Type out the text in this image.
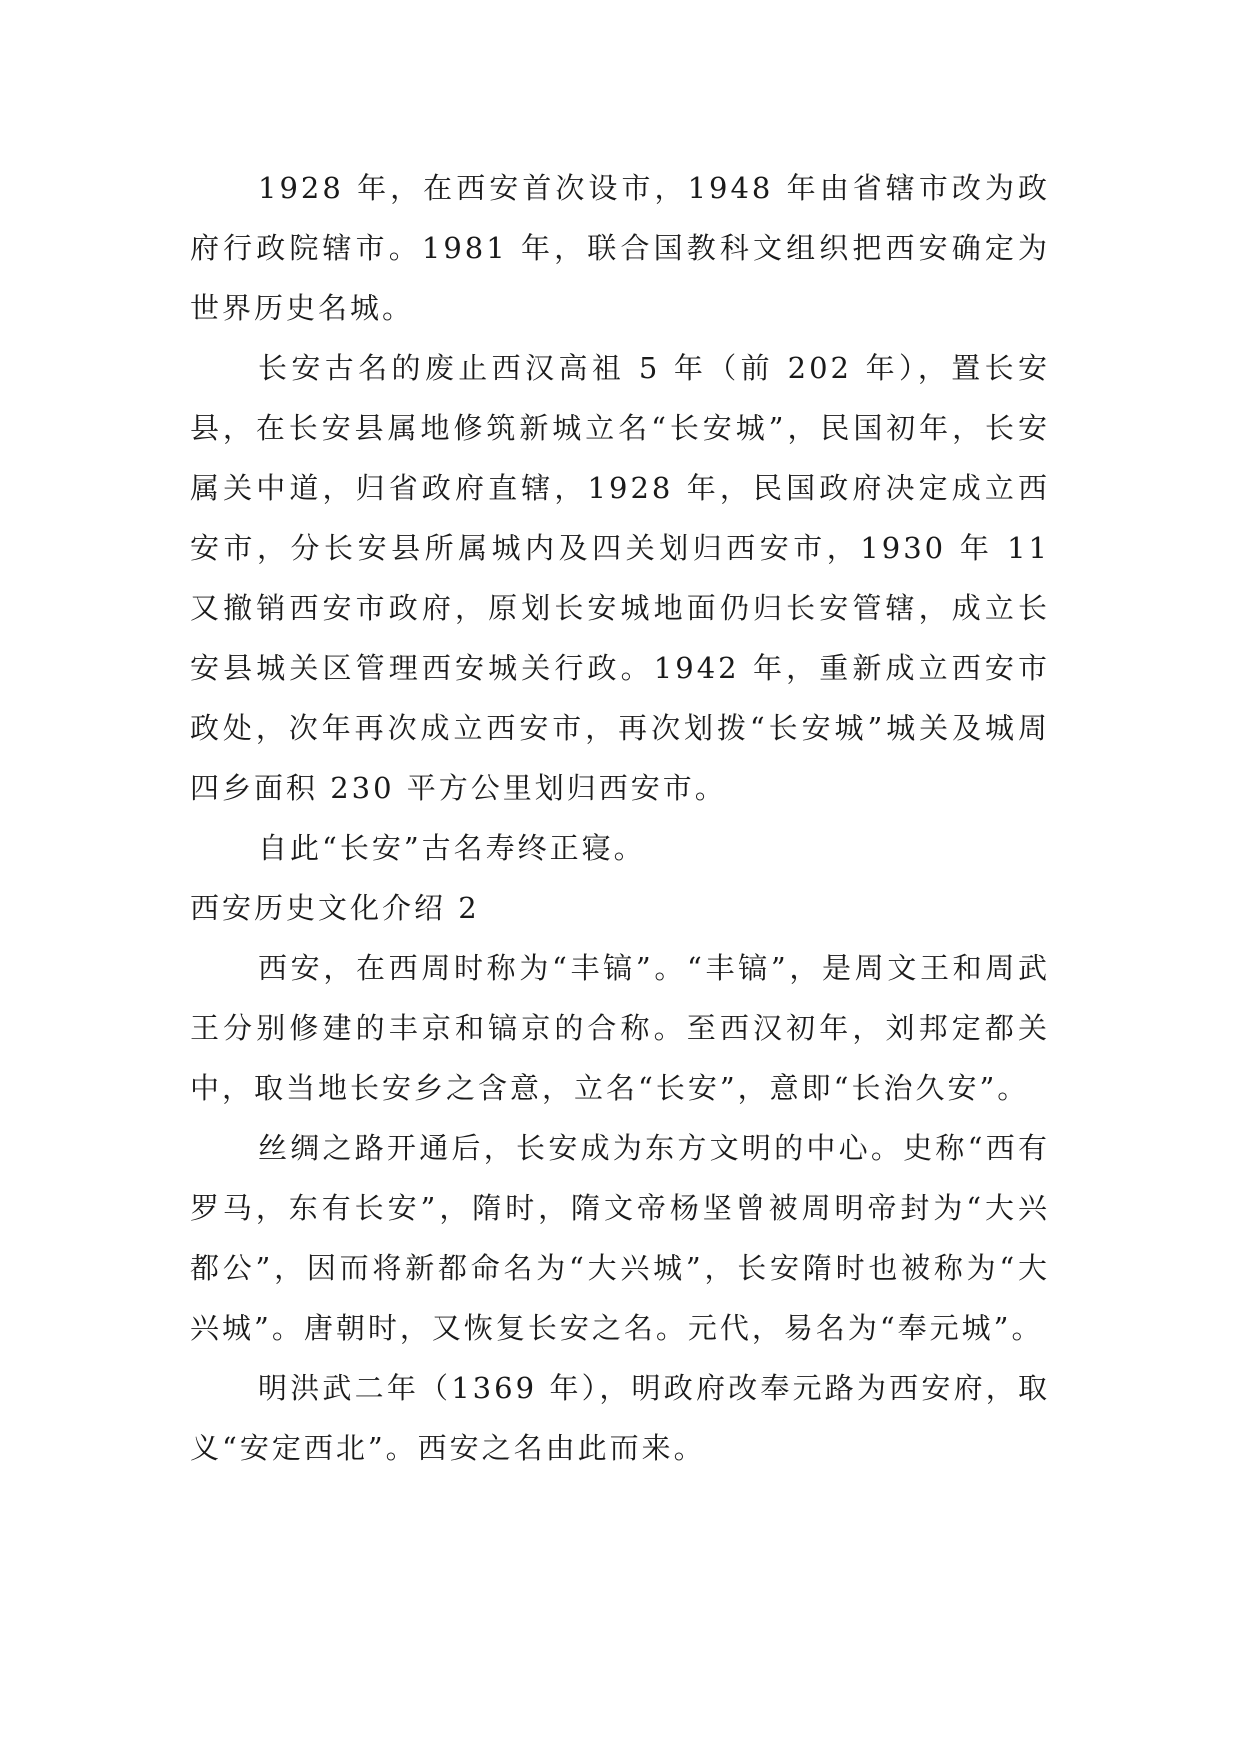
1928 年，在西安首次设市，1948 年由省辖市改为政府行政院辖市。1981 年，联合国教科文组织把西安确定为世界历史名城。

长安古名的废止西汉高祖 5 年（前 202 年），置长安县，在长安县属地修筑新城立名“长安城”，民国初年，长安属关中道，归省政府直辖，1928 年，民国政府决定成立西安市，分长安县所属城内及四关划归西安市，1930 年 11 又撤销西安市政府，原划长安城地面仍归长安管辖，成立长安县城关区管理西安城关行政。1942 年，重新成立西安市政处，次年再次成立西安市，再次划拨“长安城”城关及城周四乡面积 230 平方公里划归西安市。

自此“长安”古名寿终正寝。

西安历史文化介绍 2

西安，在西周时称为“丰镐”。“丰镐”，是周文王和周武王分别修建的丰京和镐京的合称。至西汉初年，刘邦定都关中，取当地长安乡之含意，立名“长安”，意即“长治久安”。

丝绸之路开通后，长安成为东方文明的中心。史称“西有罗马，东有长安”，隋时，隋文帝杨坚曾被周明帝封为“大兴都公”，因而将新都命名为“大兴城”，长安隋时也被称为“大兴城”。唐朝时，又恢复长安之名。元代，易名为“奉元城”。

明洪武二年（1369 年），明政府改奉元路为西安府，取义“安定西北”。西安之名由此而来。
